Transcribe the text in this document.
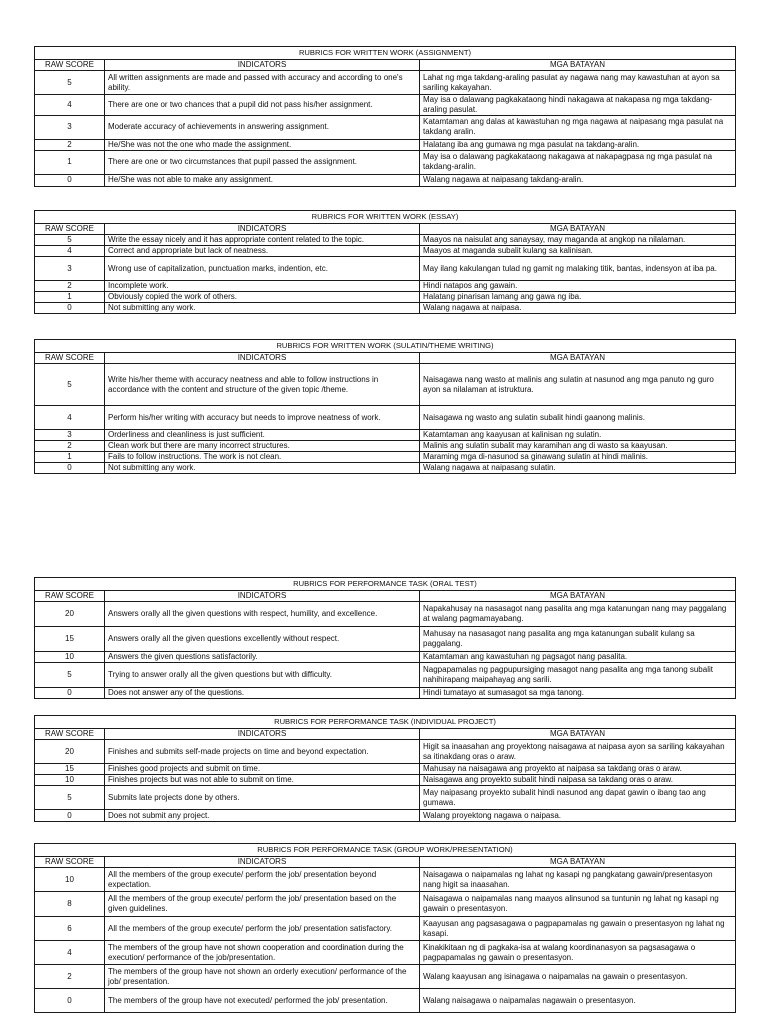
RUBRICS FOR WRITTEN WORK (ASSIGNMENT)		
RAW SCORE	INDICATORS	MGA BATAYAN
5	All written assignments are made and passed with accuracy and according to one's ability.	Lahat ng mga takdang-araling pasulat ay nagawa nang may kawastuhan at ayon sa sariling kakayahan.
4	There are one or two chances that a pupil did not pass his/her assignment.	May isa o dalawang pagkakataong hindi nakagawa at nakapasa ng mga takdang-araling pasulat.
3	Moderate accuracy of achievements in answering assignment.	Katamtaman ang dalas at kawastuhan ng mga nagawa at naipasang mga pasulat na takdang aralin.
2	He/She was not the one who made the assignment.	Halatang iba ang gumawa ng mga pasulat na takdang-aralin.
1	There are one or two circumstances that pupil passed the assignment.	May isa o dalawang pagkakataong nakagawa at nakapagpasa ng mga pasulat na takdang-aralin.
0	He/She was not able to make any assignment.	Walang nagawa at naipasang takdang-aralin.
RUBRICS FOR WRITTEN WORK (ESSAY)		
RAW SCORE	INDICATORS	MGA BATAYAN
5	Write the essay nicely and it has appropriate content related to the topic.	Maayos na naisulat ang sanaysay, may maganda at angkop na nilalaman.
4	Correct and appropriate but lack of neatness.	Maayos at maganda subalit kulang sa kalinisan.
3	Wrong use of capitalization, punctuation marks, indention, etc.	May ilang kakulangan tulad ng gamit ng malaking titik, bantas, indensyon at iba pa.
2	Incomplete work.	Hindi natapos ang gawain.
1	Obviously copied the work of others.	Halatang pinarisan lamang ang gawa ng iba.
0	Not submitting any work.	Walang nagawa at naipasa.
RUBRICS FOR WRITTEN WORK (SULATIN/THEME WRITING)		
RAW SCORE	INDICATORS	MGA BATAYAN
5	Write his/her theme with accuracy neatness and able to follow instructions in accordance with the content and structure of the given topic /theme.	Naisagawa nang wasto at malinis ang sulatin at nasunod ang mga panuto ng guro ayon sa nilalaman at istruktura.
4	Perform his/her writing with accuracy but needs to improve neatness of work.	Naisagawa ng wasto ang sulatin subalit hindi gaanong malinis.
3	Orderliness and cleanliness is just sufficient.	Katamtaman ang kaayusan at kalinisan ng sulatin.
2	Clean work but there are many incorrect structures.	Malinis ang sulatin subalit may karamihan ang di wasto sa kaayusan.
1	Fails to follow instructions. The work is not clean.	Maraming mga di-nasunod sa ginawang sulatin at hindi malinis.
0	Not submitting any work.	Walang nagawa at naipasang sulatin.
RUBRICS FOR PERFORMANCE TASK (ORAL TEST)		
RAW SCORE	INDICATORS	MGA BATAYAN
20	Answers orally all the given questions with respect, humility, and excellence.	Napakahusay na nasasagot nang pasalita ang mga katanungan nang may paggalang at walang pagmamayabang.
15	Answers orally all the given questions excellently without respect.	Mahusay na nasasagot nang pasalita ang mga katanungan subalit kulang sa paggalang.
10	Answers the given questions satisfactorily.	Katamtaman ang kawastuhan ng pagsagot nang pasalita.
5	Trying to answer orally all the given questions but with difficulty.	Nagpapamalas ng pagpupursiging masagot nang pasalita ang mga tanong subalit nahihirapang maipahayag ang sarili.
0	Does not answer any of the questions.	Hindi tumatayo at sumasagot sa mga tanong.
RUBRICS FOR PERFORMANCE TASK (INDIVIDUAL PROJECT)		
RAW SCORE	INDICATORS	MGA BATAYAN
20	Finishes and submits self-made projects on time and beyond expectation.	Higit sa inaasahan ang proyektong naisagawa at naipasa ayon sa sariling kakayahan sa itinakdang oras o araw.
15	Finishes good projects and submit on time.	Mahusay na naisagawa ang proyekto at naipasa sa takdang oras o araw.
10	Finishes projects but was not able to submit on time.	Naisagawa ang proyekto subalit hindi naipasa sa takdang oras o araw.
5	Submits late projects done by others.	May naipasang proyekto subalit hindi nasunod ang dapat gawin o ibang tao ang gumawa.
0	Does not submit any project.	Walang proyektong nagawa o naipasa.
RUBRICS FOR PERFORMANCE TASK (GROUP WORK/PRESENTATION)		
RAW SCORE	INDICATORS	MGA BATAYAN
10	All the members of the group execute/ perform the job/ presentation beyond expectation.	Naisagawa o naipamalas ng lahat ng kasapi ng pangkatang gawain/presentasyon nang higit sa inaasahan.
8	All the members of the group execute/ perform the job/ presentation based on the given guidelines.	Naisagawa o naipamalas nang maayos alinsunod sa tuntunin ng lahat ng kasapi ng gawain o presentasyon.
6	All the members of the group execute/ perform the job/ presentation satisfactory.	Kaayusan ang pagsasagawa o pagpapamalas ng gawain o presentasyon ng lahat ng kasapi.
4	The members of the group have not shown cooperation and coordination during the execution/ performance of the job/presentation.	Kinakikitaan ng di pagkaka-isa at walang koordinanasyon sa pagsasagawa o pagpapamalas ng gawain o presentasyon.
2	The members of the group have not shown an orderly execution/ performance of the job/ presentation.	Walang kaayusan ang isinagawa o naipamalas na gawain o presentasyon.
0	The members of the group have not executed/ performed the job/ presentation.	Walang naisagawa o naipamalas nagawain o presentasyon.
